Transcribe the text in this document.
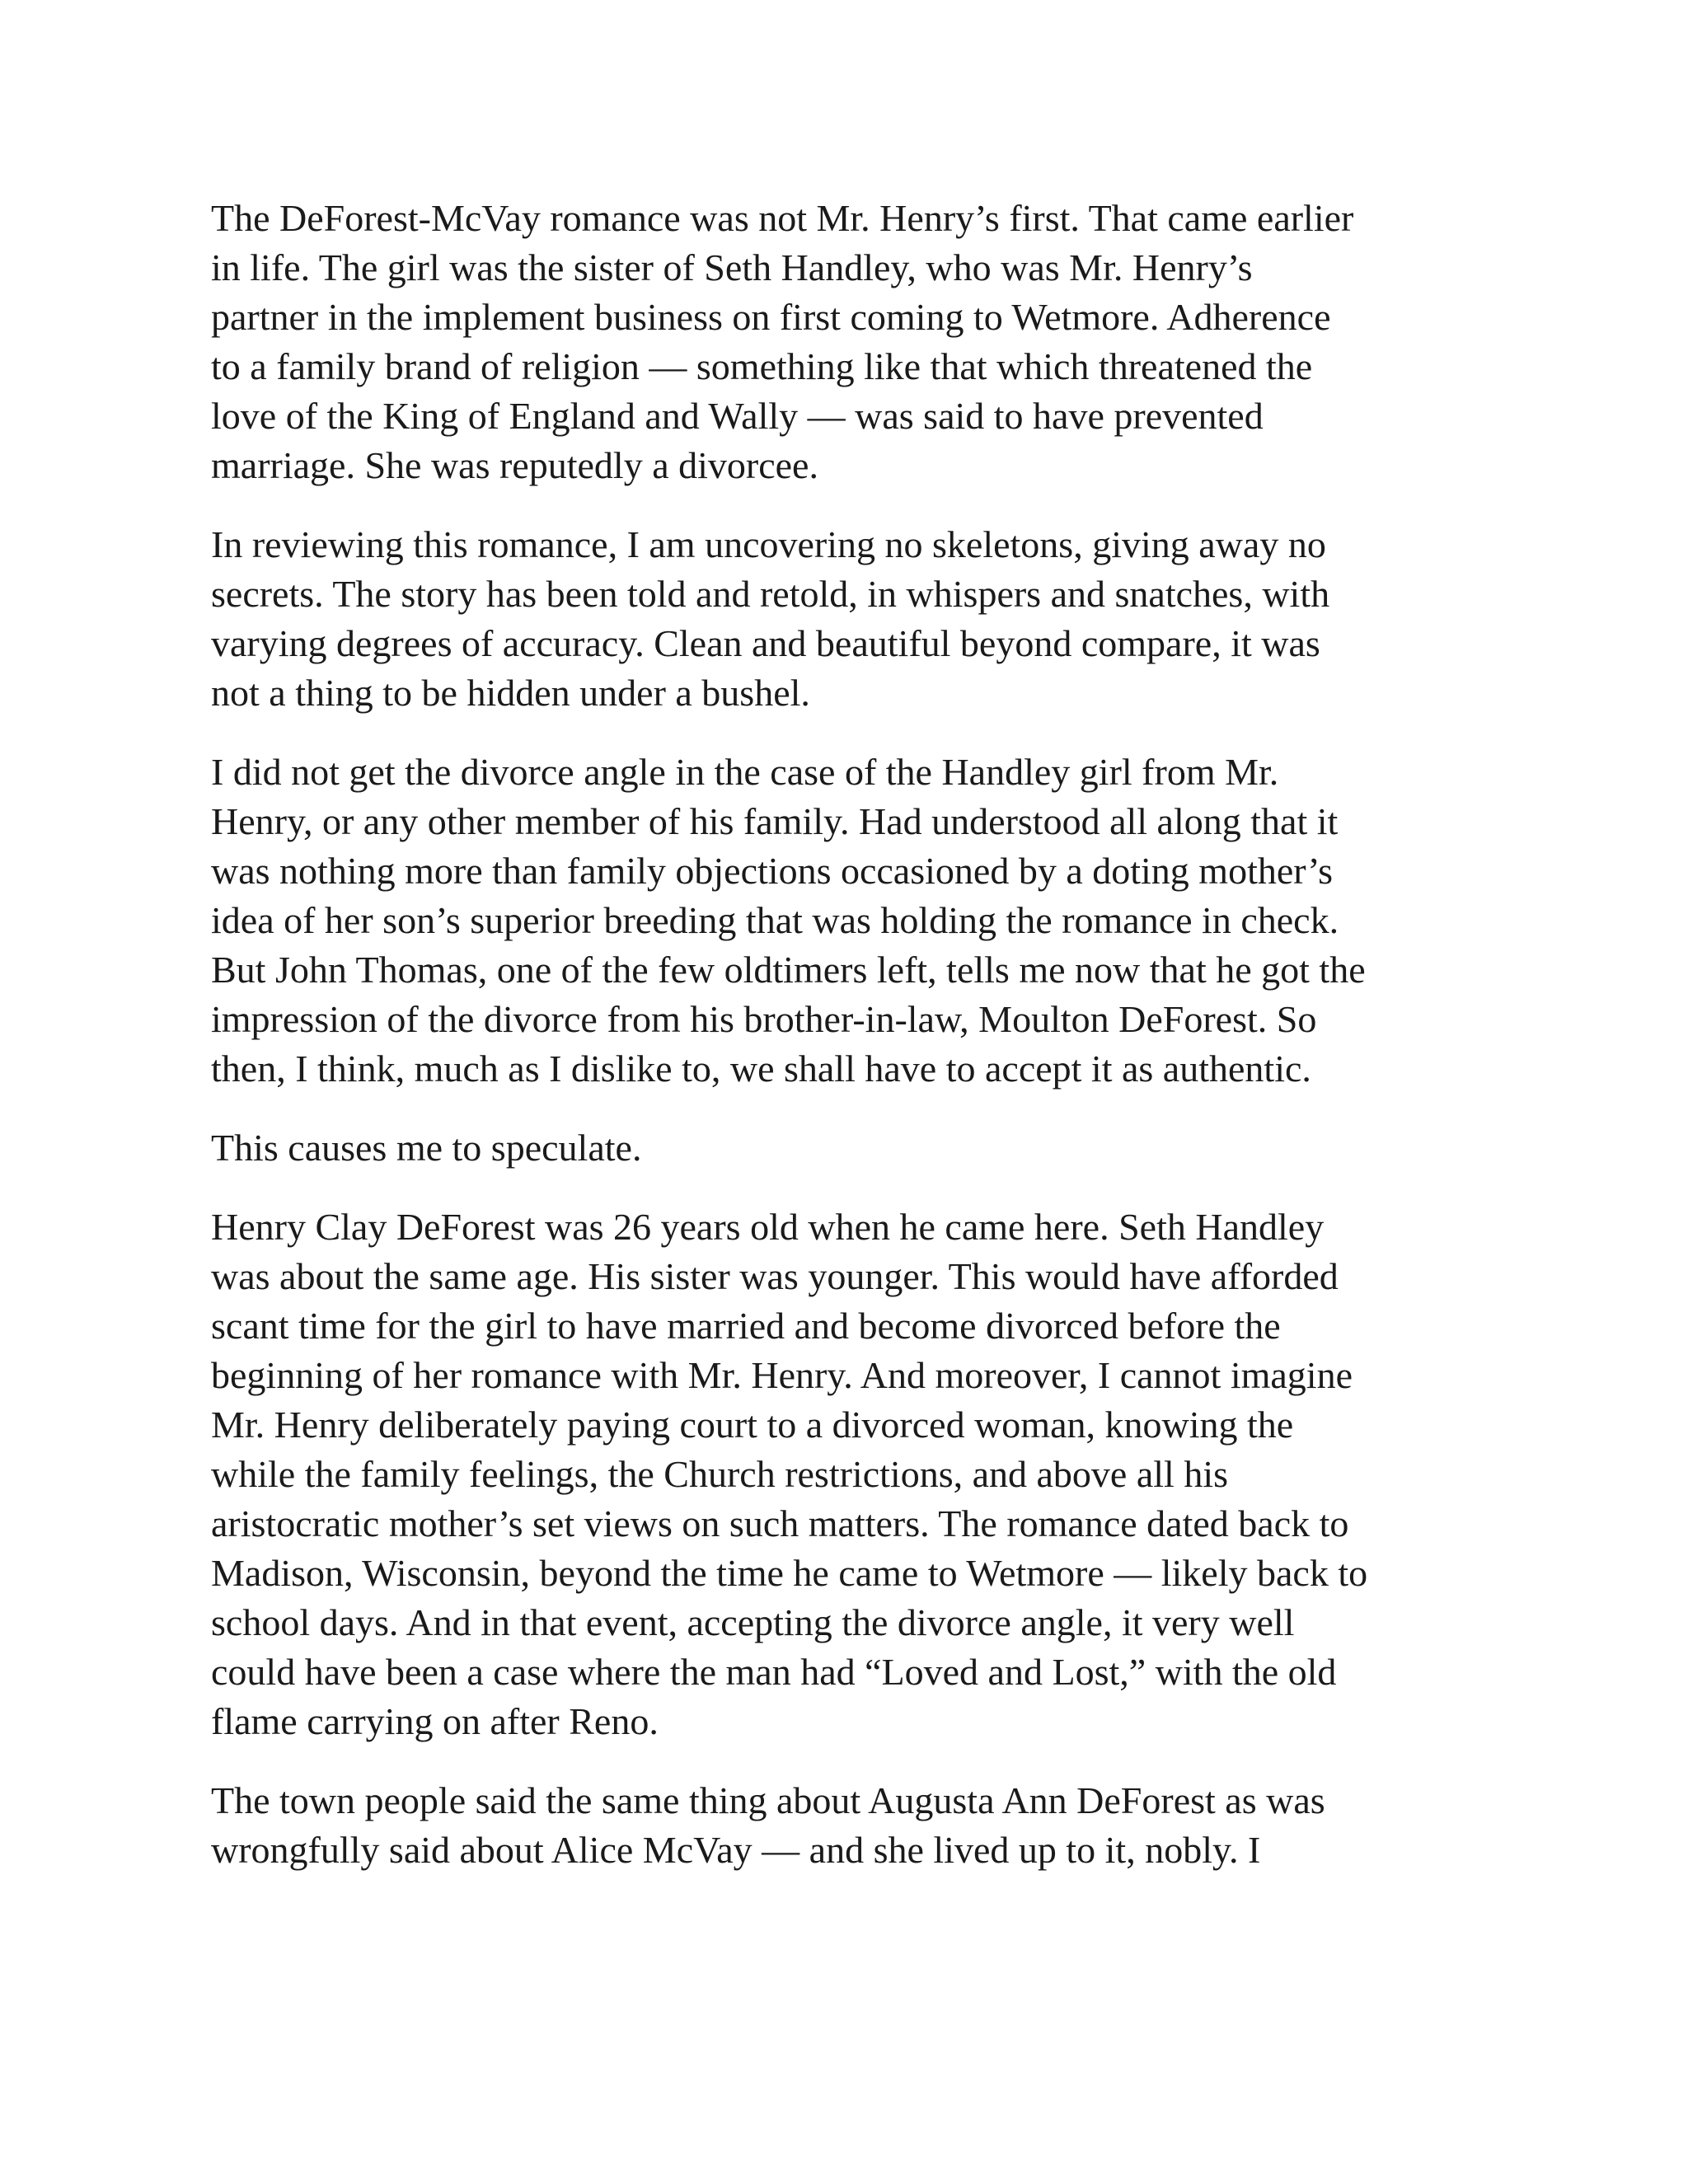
The DeForest-McVay romance was not Mr. Henry’s first. That came earlier
in life. The girl was the sister of Seth Handley, who was Mr. Henry’s
partner in the implement business on first coming to Wetmore. Adherence
to a family brand of religion — something like that which threatened the
love of the King of England and Wally — was said to have prevented
marriage. She was reputedly a divorcee.

In reviewing this romance, I am uncovering no skeletons, giving away no
secrets. The story has been told and retold, in whispers and snatches, with
varying degrees of accuracy. Clean and beautiful beyond compare, it was
not a thing to be hidden under a bushel.

I did not get the divorce angle in the case of the Handley girl from Mr.
Henry, or any other member of his family. Had understood all along that it
was nothing more than family objections occasioned by a doting mother’s
idea of her son’s superior breeding that was holding the romance in check.
But John Thomas, one of the few oldtimers left, tells me now that he got the
impression of the divorce from his brother-in-law, Moulton DeForest. So
then, I think, much as I dislike to, we shall have to accept it as authentic.

This causes me to speculate.

Henry Clay DeForest was 26 years old when he came here. Seth Handley
was about the same age. His sister was younger. This would have afforded
scant time for the girl to have married and become divorced before the
beginning of her romance with Mr. Henry. And moreover, I cannot imagine
Mr. Henry deliberately paying court to a divorced woman, knowing the
while the family feelings, the Church restrictions, and above all his
aristocratic mother’s set views on such matters. The romance dated back to
Madison, Wisconsin, beyond the time he came to Wetmore — likely back to
school days. And in that event, accepting the divorce angle, it very well
could have been a case where the man had “Loved and Lost,” with the old
flame carrying on after Reno.

The town people said the same thing about Augusta Ann DeForest as was
wrongfully said about Alice McVay — and she lived up to it, nobly. I
